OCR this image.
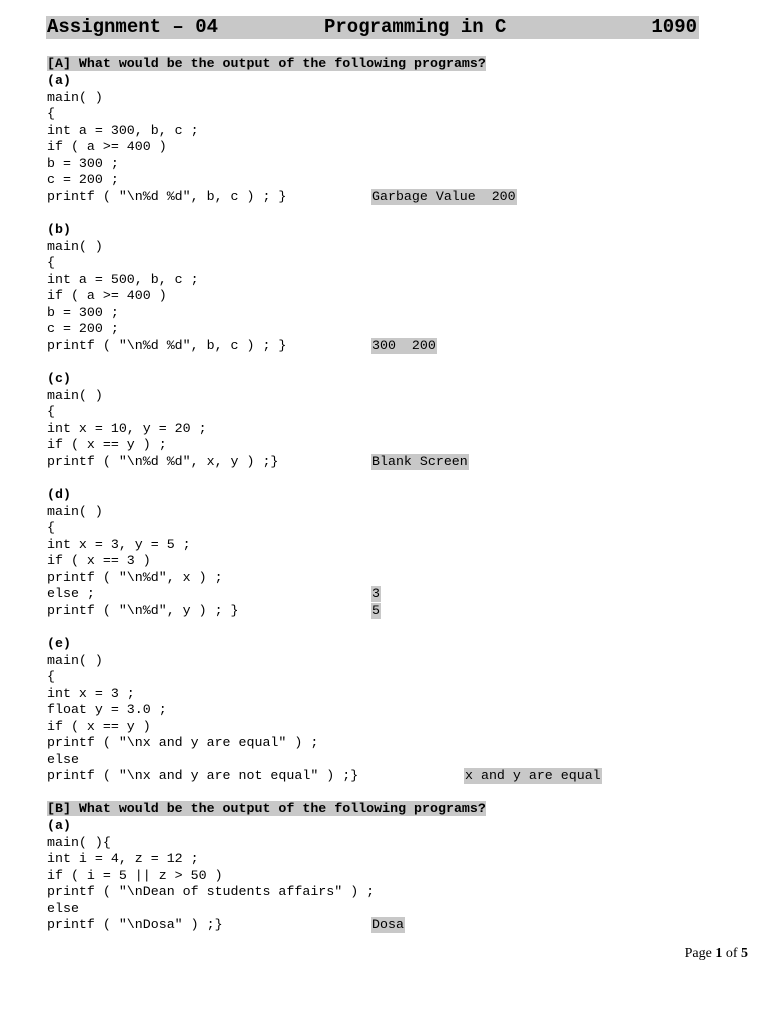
Assignment – 04	Programming in C	1090
[A] What would be the output of the following programs?
(a)
main( )
{
int a = 300, b, c ;
if ( a >= 400 )
b = 300 ;
c = 200 ;
printf ( "\n%d %d", b, c ) ; }	Garbage Value  200
(b)
main( )
{
int a = 500, b, c ;
if ( a >= 400 )
b = 300 ;
c = 200 ;
printf ( "\n%d %d", b, c ) ; }	300  200
(c)
main( )
{
int x = 10, y = 20 ;
if ( x == y ) ;
printf ( "\n%d %d", x, y ) ;}	Blank Screen
(d)
main( )
{
int x = 3, y = 5 ;
if ( x == 3 )
printf ( "\n%d", x ) ;
else ;
printf ( "\n%d", y ) ; }
3
5
(e)
main( )
{
int x = 3 ;
float y = 3.0 ;
if ( x == y )
printf ( "\nx and y are equal" ) ;
else
printf ( "\nx and y are not equal" ) ;}	x and y are equal
[B] What would be the output of the following programs?
(a)
main( ){
int i = 4, z = 12 ;
if ( i = 5 || z > 50 )
printf ( "\nDean of students affairs" ) ;
else
printf ( "\nDosa" ) ;}	Dosa
Page 1 of 5
